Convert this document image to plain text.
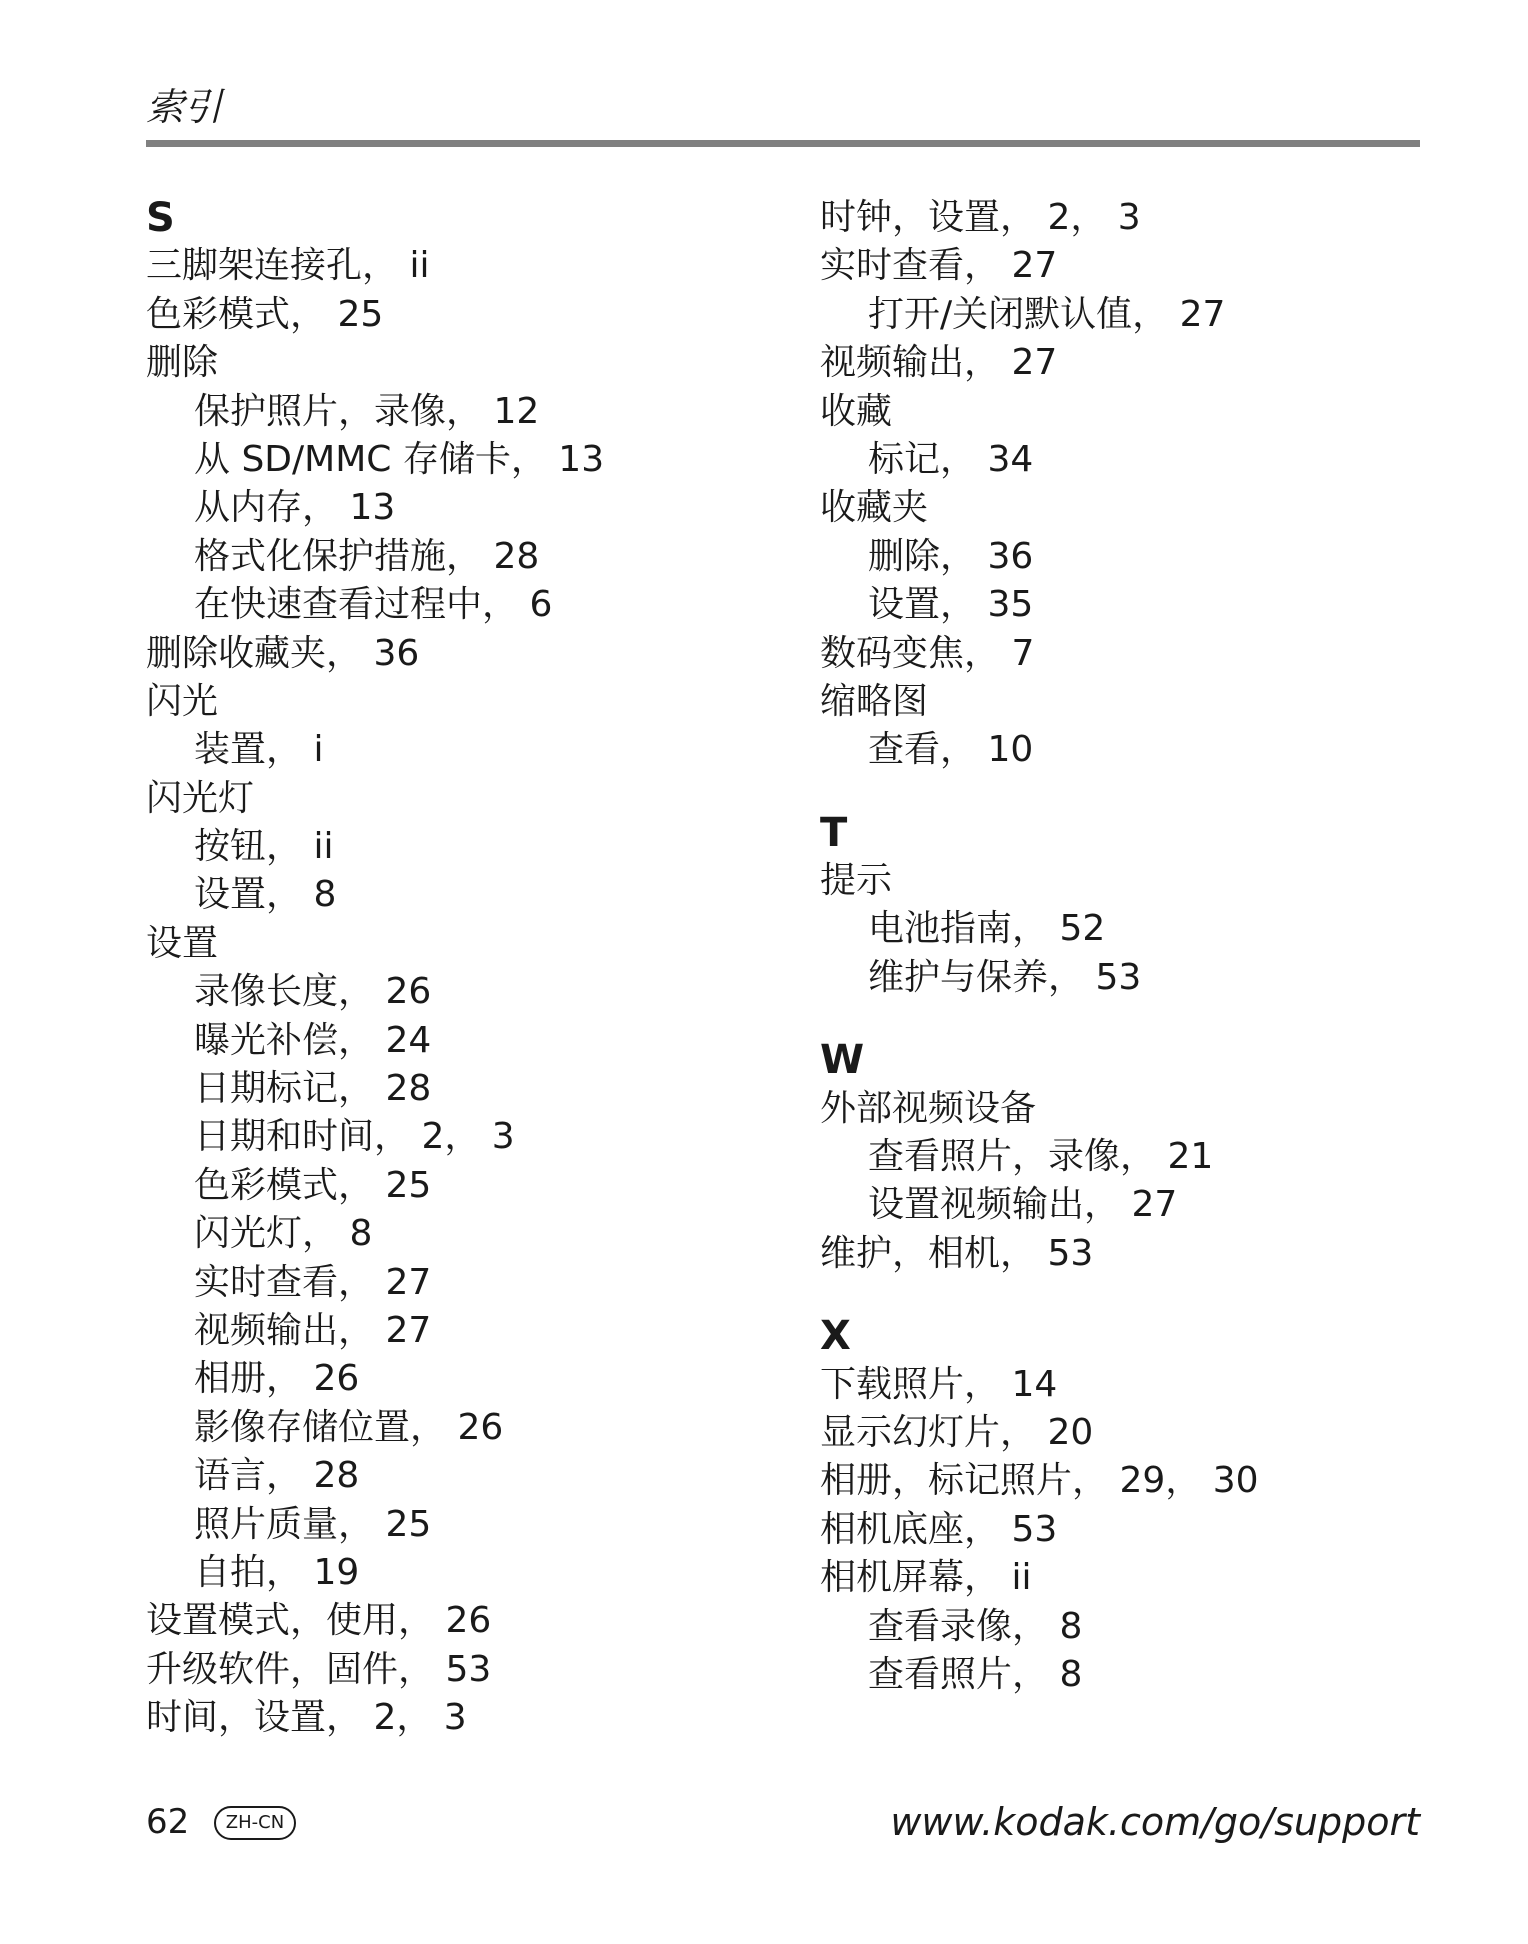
索引
S
三脚架连接孔， ii
色彩模式， 25
删除
保护照片，录像， 12
从 SD/MMC 存储卡， 13
从内存， 13
格式化保护措施， 28
在快速查看过程中， 6
删除收藏夹， 36
闪光
装置， i
闪光灯
按钮， ii
设置， 8
设置
录像长度， 26
曝光补偿， 24
日期标记， 28
日期和时间， 2， 3
色彩模式， 25
闪光灯， 8
实时查看， 27
视频输出， 27
相册， 26
影像存储位置， 26
语言， 28
照片质量， 25
自拍， 19
设置模式，使用， 26
升级软件，固件， 53
时间，设置， 2， 3
时钟，设置， 2， 3
实时查看， 27
打开/关闭默认值， 27
视频输出， 27
收藏
标记， 34
收藏夹
删除， 36
设置， 35
数码变焦， 7
缩略图
查看， 10
T
提示
电池指南， 52
维护与保养， 53
W
外部视频设备
查看照片，录像， 21
设置视频输出， 27
维护，相机， 53
X
下载照片， 14
显示幻灯片， 20
相册，标记照片， 29， 30
相机底座， 53
相机屏幕， ii
查看录像， 8
查看照片， 8
62	ZH-CN	www.kodak.com/go/support
